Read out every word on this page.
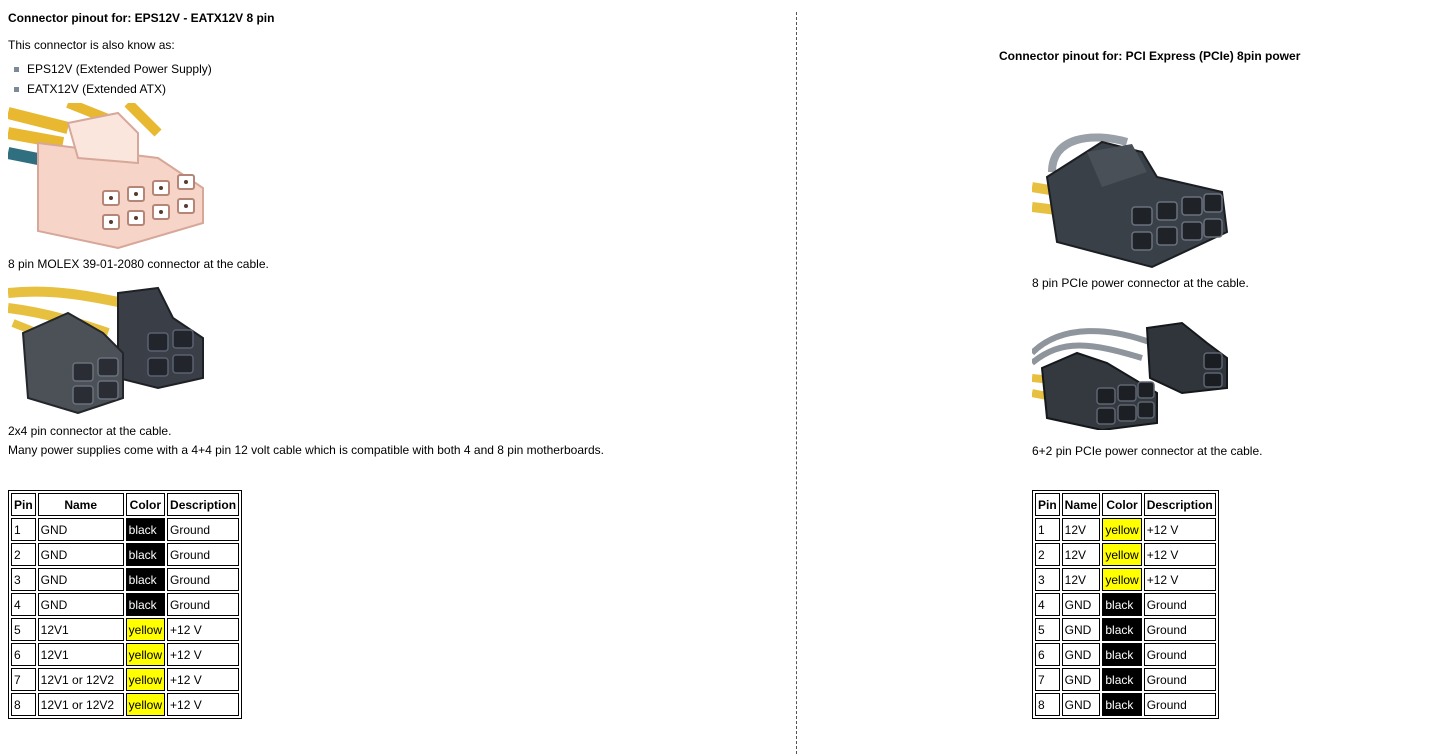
Connector pinout for: EPS12V - EATX12V 8 pin
This connector is also know as:
EPS12V (Extended Power Supply)
EATX12V (Extended ATX)
8 pin MOLEX 39-01-2080 connector at the cable.
2x4 pin connector at the cable.
Many power supplies come with a 4+4 pin 12 volt cable which is compatible with both 4 and 8 pin motherboards.
Pin	Name	Color	Description
1	GND	black	Ground
2	GND	black	Ground
3	GND	black	Ground
4	GND	black	Ground
5	12V1	yellow	+12 V
6	12V1	yellow	+12 V
7	12V1 or 12V2	yellow	+12 V
8	12V1 or 12V2	yellow	+12 V
Connector pinout for: PCI Express (PCIe) 8pin power
8 pin PCIe power connector at the cable.
6+2 pin PCIe power connector at the cable.
Pin	Name	Color	Description
1	12V	yellow	+12 V
2	12V	yellow	+12 V
3	12V	yellow	+12 V
4	GND	black	Ground
5	GND	black	Ground
6	GND	black	Ground
7	GND	black	Ground
8	GND	black	Ground
